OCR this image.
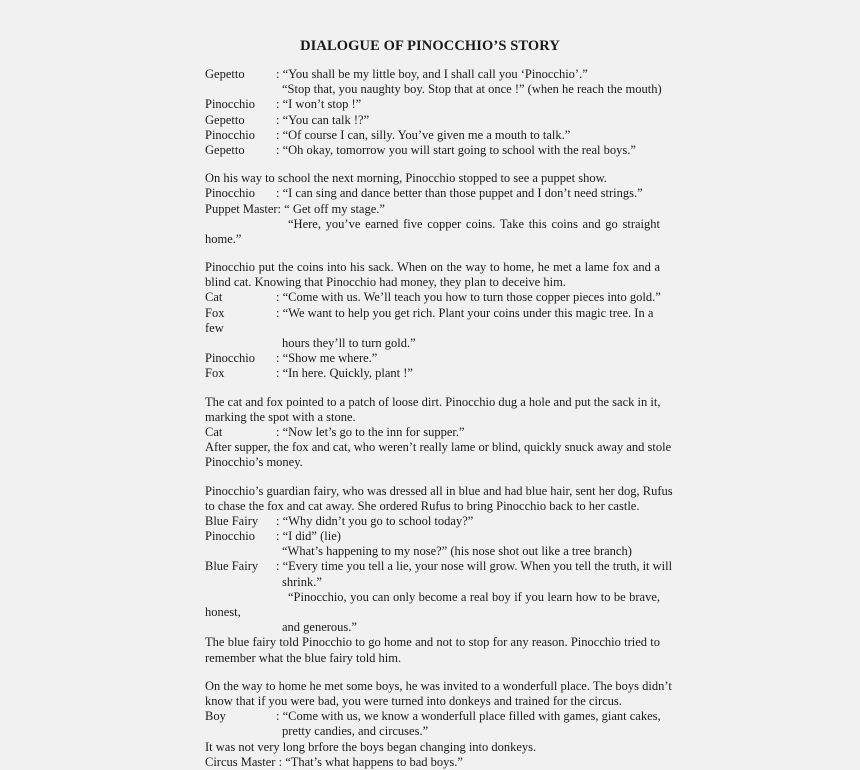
DIALOGUE OF PINOCCHIO’S STORY
Gepetto	: “You shall be my little boy, and I shall call you ‘Pinocchio’.”
“Stop that, you naughty boy. Stop that at once !” (when he reach the mouth)
Pinocchio : “I won’t stop !”
Gepetto	: “You can talk !?”
Pinocchio : “Of course I can, silly. You’ve given me a mouth to talk.”
Gepetto	: “Oh okay, tomorrow you will start going to school with the real boys.”
On his way to school the next morning, Pinocchio stopped to see a puppet show.
Pinocchio : “I can sing and dance better than those puppet and I don’t need strings.”
Puppet Master: “ Get off my stage.”
“Here, you’ve earned five copper coins. Take this coins and go straight
home.”
Pinocchio put the coins into his sack. When on the way to home, he met a lame fox and a
blind cat. Knowing that Pinocchio had money, they plan to deceive him.
Cat	: “Come with us. We’ll teach you how to turn those copper pieces into gold.”
Fox	: “We want to help you get rich. Plant your coins under this magic tree. In a
few
hours they’ll to turn gold.”
Pinocchio : “Show me where.”
Fox	: “In here. Quickly, plant !”
The cat and fox pointed to a patch of loose dirt. Pinocchio dug a hole and put the sack in it,
marking the spot with a stone.
Cat	: “Now let’s go to the inn for supper.”
After supper, the fox and cat, who weren’t really lame or blind, quickly snuck away and stole
Pinocchio’s money.
Pinocchio’s guardian fairy, who was dressed all in blue and had blue hair, sent her dog, Rufus
to chase the fox and cat away. She ordered Rufus to bring Pinocchio back to her castle.
Blue Fairy : “Why didn’t you go to school today?”
Pinocchio : “I did” (lie)
“What’s happening to my nose?” (his nose shot out like a tree branch)
Blue Fairy : “Every time you tell a lie, your nose will grow. When you tell the truth, it will
shrink.”
“Pinocchio, you can only become a real boy if you learn how to be brave,
honest,
and generous.”
The blue fairy told Pinocchio to go home and not to stop for any reason. Pinocchio tried to
remember what the blue fairy told him.
On the way to home he met some boys, he was invited to a wonderfull place. The boys didn’t
know that if you were bad, you were turned into donkeys and trained for the circus.
Boy	: “Come with us, we know a wonderfull place filled with games, giant cakes,
pretty candies, and circuses.”
It was not very long brfore the boys began changing into donkeys.
Circus Master : “That’s what happens to bad boys.”
